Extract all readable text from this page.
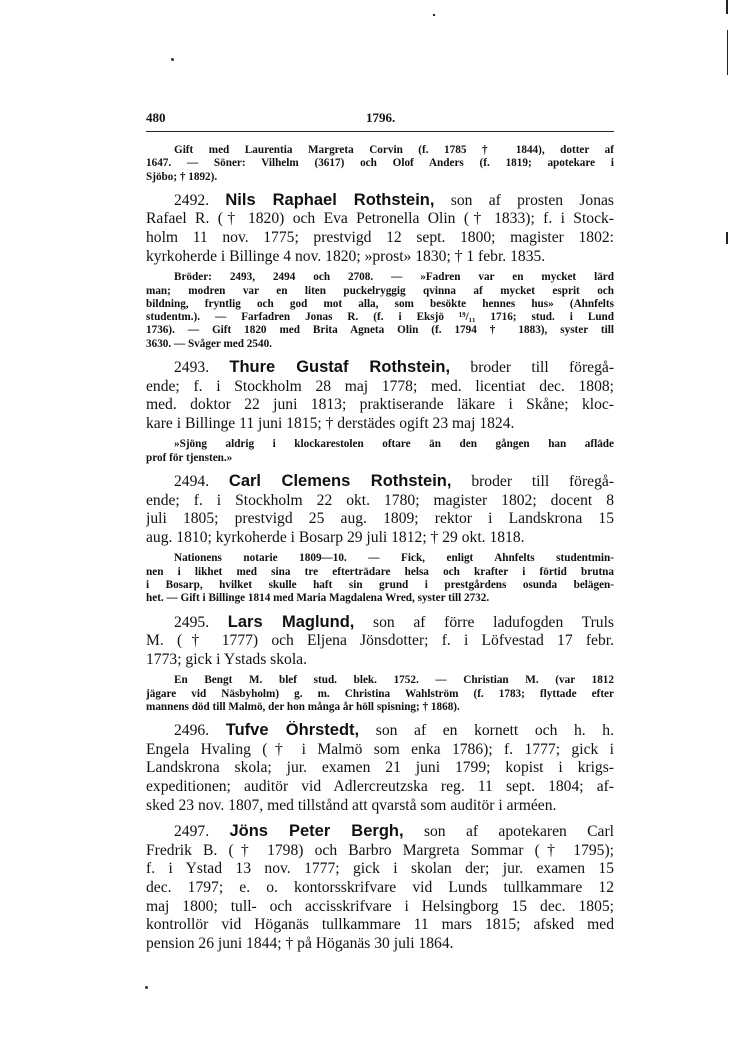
480	1796.
Gift med Laurentia Margreta Corvin (f. 1785 † 1844), dotter af
1647. — Söner: Vilhelm (3617) och Olof Anders (f. 1819; apotekare i
Sjöbo; † 1892).
2492. Nils Raphael Rothstein, son af prosten Jonas
Rafael R. († 1820) och Eva Petronella Olin († 1833); f. i Stock-
holm 11 nov. 1775; prestvigd 12 sept. 1800; magister 1802:
kyrkoherde i Billinge 4 nov. 1820; »prost» 1830; † 1 febr. 1835.
Bröder: 2493, 2494 och 2708. — »Fadren var en mycket lärd
man; modren var en liten puckelryggig qvinna af mycket esprit och
bildning, fryntlig och god mot alla, som besökte hennes hus» (Ahnfelts
studentm.). — Farfadren Jonas R. (f. i Eksjö ¹⁹/₁₁ 1716; stud. i Lund
1736). — Gift 1820 med Brita Agneta Olin (f. 1794 † 1883), syster till
3630. — Svåger med 2540.
2493. Thure Gustaf Rothstein, broder till föregå-
ende; f. i Stockholm 28 maj 1778; med. licentiat dec. 1808;
med. doktor 22 juni 1813; praktiserande läkare i Skåne; kloc-
kare i Billinge 11 juni 1815; † derstädes ogift 23 maj 1824.
»Sjöng aldrig i klockarestolen oftare än den gången han afläde
prof för tjensten.»
2494. Carl Clemens Rothstein, broder till föregå-
ende; f. i Stockholm 22 okt. 1780; magister 1802; docent 8
juli 1805; prestvigd 25 aug. 1809; rektor i Landskrona 15
aug. 1810; kyrkoherde i Bosarp 29 juli 1812; † 29 okt. 1818.
Nationens notarie 1809—10. — Fick, enligt Ahnfelts studentmin-
nen i likhet med sina tre efterträdare helsa och krafter i förtid brutna
i Bosarp, hvilket skulle haft sin grund i prestgårdens osunda belägen-
het. — Gift i Billinge 1814 med Maria Magdalena Wred, syster till 2732.
2495. Lars Maglund, son af förre ladufogden Truls
M. († 1777) och Eljena Jönsdotter; f. i Löfvestad 17 febr.
1773; gick i Ystads skola.
En Bengt M. blef stud. blek. 1752. — Christian M. (var 1812
jägare vid Näsbyholm) g. m. Christina Wahlström (f. 1783; flyttade efter
mannens död till Malmö, der hon många år höll spisning; † 1868).
2496. Tufve Öhrstedt, son af en kornett och h. h.
Engela Hvaling († i Malmö som enka 1786); f. 1777; gick i
Landskrona skola; jur. examen 21 juni 1799; kopist i krigs-
expeditionen; auditör vid Adlercreutzska reg. 11 sept. 1804; af-
sked 23 nov. 1807, med tillstånd att qvarstå som auditör i arméen.
2497. Jöns Peter Bergh, son af apotekaren Carl
Fredrik B. († 1798) och Barbro Margreta Sommar († 1795);
f. i Ystad 13 nov. 1777; gick i skolan der; jur. examen 15
dec. 1797; e. o. kontorsskrifvare vid Lunds tullkammare 12
maj 1800; tull- och accisskrifvare i Helsingborg 15 dec. 1805;
kontrollör vid Höganäs tullkammare 11 mars 1815; afsked med
pension 26 juni 1844; † på Höganäs 30 juli 1864.
